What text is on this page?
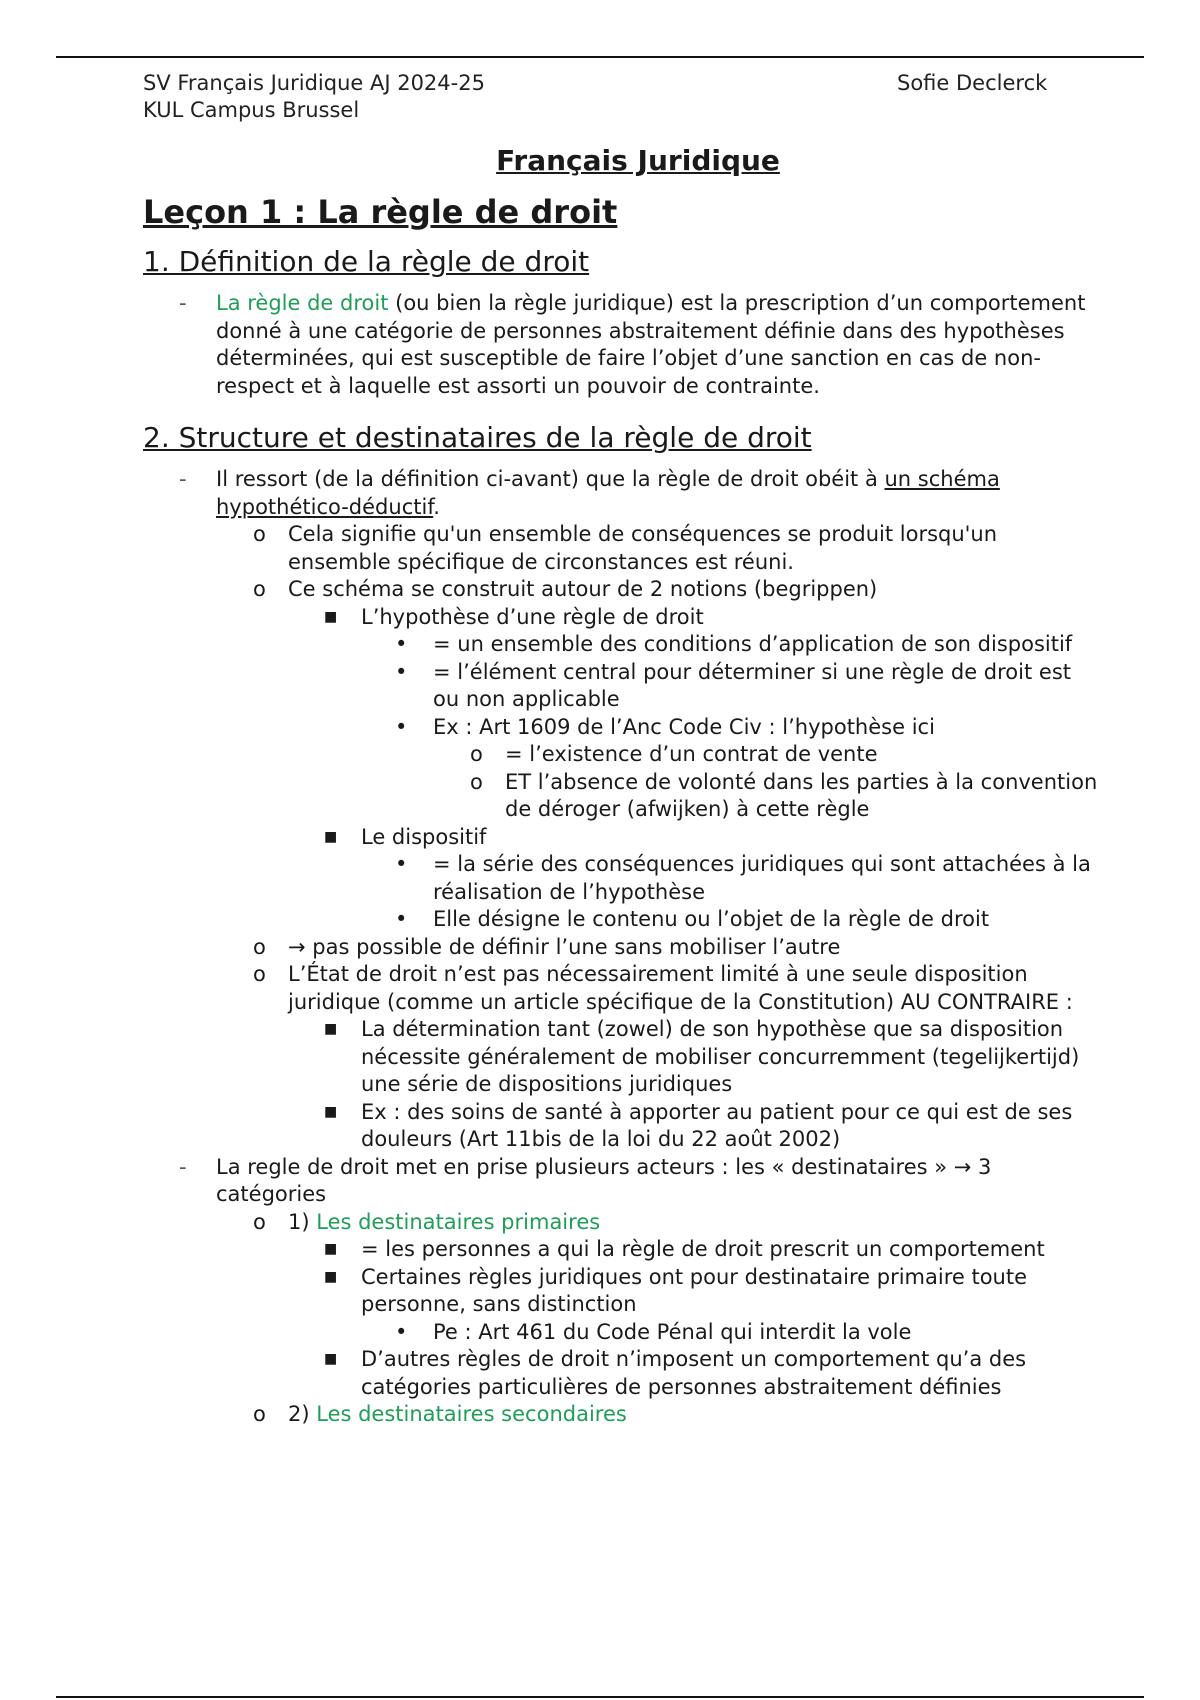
SV Français Juridique AJ 2024-25
KUL Campus Brussel
Sofie Declerck
Français Juridique
Leçon 1 : La règle de droit
1. Définition de la règle de droit
- La règle de droit (ou bien la règle juridique) est la prescription d’un comportement donné à une catégorie de personnes abstraitement définie dans des hypothèses déterminées, qui est susceptible de faire l’objet d’une sanction en cas de non-respect et à laquelle est assorti un pouvoir de contrainte.
2. Structure et destinataires de la règle de droit
- Il ressort (de la définition ci-avant) que la règle de droit obéit à un schéma hypothético-déductif.
o Cela signifie qu'un ensemble de conséquences se produit lorsqu'un ensemble spécifique de circonstances est réuni.
o Ce schéma se construit autour de 2 notions (begrippen)
■ L’hypothèse d’une règle de droit
• = un ensemble des conditions d’application de son dispositif
• = l’élément central pour déterminer si une règle de droit est ou non applicable
• Ex : Art 1609 de l’Anc Code Civ : l’hypothèse ici
o = l’existence d’un contrat de vente
o ET l’absence de volonté dans les parties à la convention de déroger (afwijken) à cette règle
■ Le dispositif
• = la série des conséquences juridiques qui sont attachées à la réalisation de l’hypothèse
• Elle désigne le contenu ou l’objet de la règle de droit
o → pas possible de définir l’une sans mobiliser l’autre
o L’État de droit n’est pas nécessairement limité à une seule disposition juridique (comme un article spécifique de la Constitution) AU CONTRAIRE :
■ La détermination tant (zowel) de son hypothèse que sa disposition nécessite généralement de mobiliser concurremment (tegelijkertijd) une série de dispositions juridiques
■ Ex : des soins de santé à apporter au patient pour ce qui est de ses douleurs (Art 11bis de la loi du 22 août 2002)
- La regle de droit met en prise plusieurs acteurs : les « destinataires » → 3 catégories
o 1) Les destinataires primaires
■ = les personnes a qui la règle de droit prescrit un comportement
■ Certaines règles juridiques ont pour destinataire primaire toute personne, sans distinction
• Pe : Art 461 du Code Pénal qui interdit la vole
■ D’autres règles de droit n’imposent un comportement qu’a des catégories particulières de personnes abstraitement définies
o 2) Les destinataires secondaires
